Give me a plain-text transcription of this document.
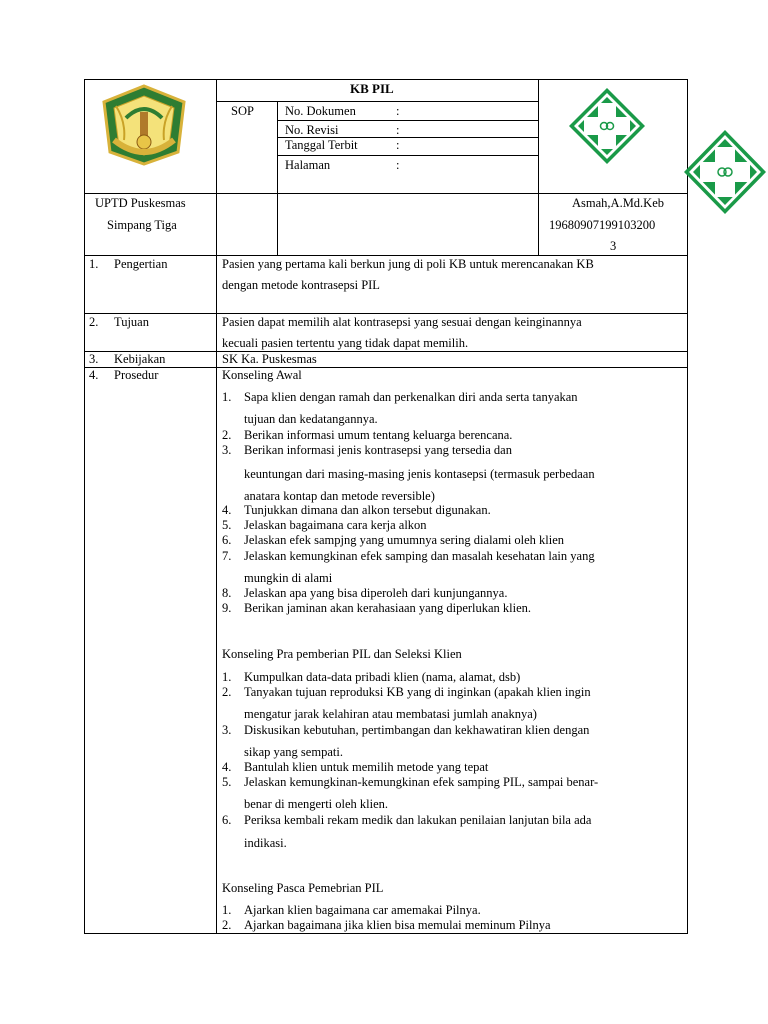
KB PIL
SOP No. Dokumen	:
No. Revisi	:
Tanggal Terbit	:
Halaman	:
UPTD Puskesmas
Simpang Tiga
Asmah,A.Md.Keb
19680907199103200
3
1. Pengertian	Pasien yang pertama kali berkun jung di poli KB untuk merencanakan KB
dengan metode kontrasepsi PIL
2. Tujuan	Pasien dapat memilih alat kontrasepsi yang sesuai dengan keinginannya
kecuali pasien tertentu yang tidak dapat memilih.
3. Kebijakan	SK Ka. Puskesmas
4. Prosedur	Konseling Awal
1. Sapa klien dengan ramah dan perkenalkan diri anda serta tanyakan
tujuan dan kedatangannya.
2. Berikan informasi umum tentang keluarga berencana.
3. Berikan informasi jenis kontrasepsi yang tersedia dan
keuntungan dari masing-masing jenis kontasepsi (termasuk perbedaan
anatara kontap dan metode reversible)
4. Tunjukkan dimana dan alkon tersebut digunakan.
5. Jelaskan bagaimana cara kerja alkon
6. Jelaskan efek sampjng yang umumnya sering dialami oleh klien
7. Jelaskan kemungkinan efek samping dan masalah kesehatan lain yang
mungkin di alami
8. Jelaskan apa yang bisa diperoleh dari kunjungannya.
9. Berikan jaminan akan kerahasiaan yang diperlukan klien.
Konseling Pra pemberian PIL dan Seleksi Klien
1. Kumpulkan data-data pribadi klien (nama, alamat, dsb)
2. Tanyakan tujuan reproduksi KB yang di inginkan (apakah klien ingin
mengatur jarak kelahiran atau membatasi jumlah anaknya)
3. Diskusikan kebutuhan, pertimbangan dan kekhawatiran klien dengan
sikap yang sempati.
4. Bantulah klien untuk memilih metode yang tepat
5. Jelaskan kemungkinan-kemungkinan efek samping PIL, sampai benar-
benar di mengerti oleh klien.
6. Periksa kembali rekam medik dan lakukan penilaian lanjutan bila ada
indikasi.
Konseling Pasca Pemebrian PIL
1. Ajarkan klien bagaimana car amemakai Pilnya.
2. Ajarkan bagaimana jika klien bisa memulai meminum Pilnya
